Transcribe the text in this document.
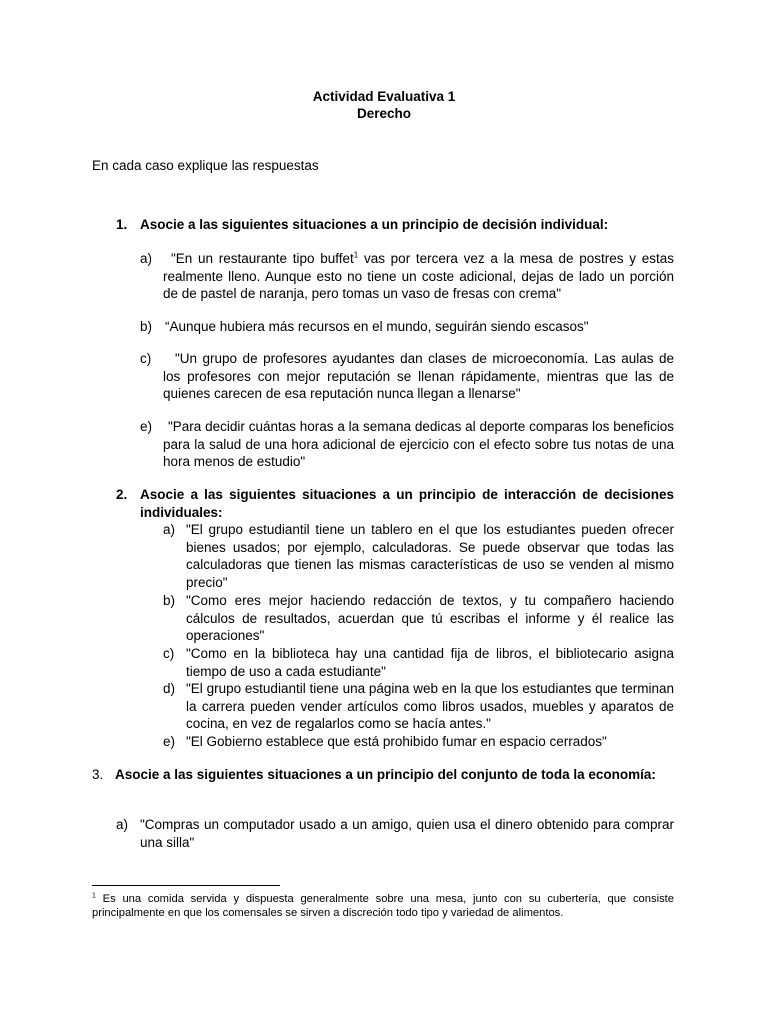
Actividad Evaluativa 1
Derecho
En cada caso explique las respuestas
1. Asocie a las siguientes situaciones a un principio de decisión individual:
a)	"En un restaurante tipo buffet$^1$ vas por tercera vez a la mesa de postres y estas realmente lleno. Aunque esto no tiene un coste adicional, dejas de lado un porción de de pastel de naranja, pero tomas un vaso de fresas con crema"
b) “Aunque hubiera más recursos en el mundo, seguirán siendo escasos"
c)	"Un grupo de profesores ayudantes dan clases de microeconomía. Las aulas de los profesores con mejor reputación se llenan rápidamente, mientras que las de quienes carecen de esa reputación nunca llegan a llenarse"
e)	"Para decidir cuántas horas a la semana dedicas al deporte comparas los beneficios para la salud de una hora adicional de ejercicio con el efecto sobre tus notas de una hora menos de estudio"
2. Asocie a las siguientes situaciones a un principio de interacción de decisiones individuales:
a) "El grupo estudiantil tiene un tablero en el que los estudiantes pueden ofrecer bienes usados; por ejemplo, calculadoras. Se puede observar que todas las calculadoras que tienen las mismas características de uso se venden al mismo precio"
b) "Como eres mejor haciendo redacción de textos, y tu compañero haciendo cálculos de resultados, acuerdan que tú escribas el informe y él realice las operaciones"
c) "Como en la biblioteca hay una cantidad fija de libros, el bibliotecario asigna tiempo de uso a cada estudiante"
d) "El grupo estudiantil tiene una página web en la que los estudiantes que terminan la carrera pueden vender artículos como libros usados, muebles y aparatos de cocina, en vez de regalarlos como se hacía antes."
e) "El Gobierno establece que está prohibido fumar en espacio cerrados"
3. Asocie a las siguientes situaciones a un principio del conjunto de toda la economía:
a) "Compras un computador usado a un amigo, quien usa el dinero obtenido para comprar una silla"
$^1$ Es una comida servida y dispuesta generalmente sobre una mesa, junto con su cubertería, que consiste principalmente en que los comensales se sirven a discreción todo tipo y variedad de alimentos.
